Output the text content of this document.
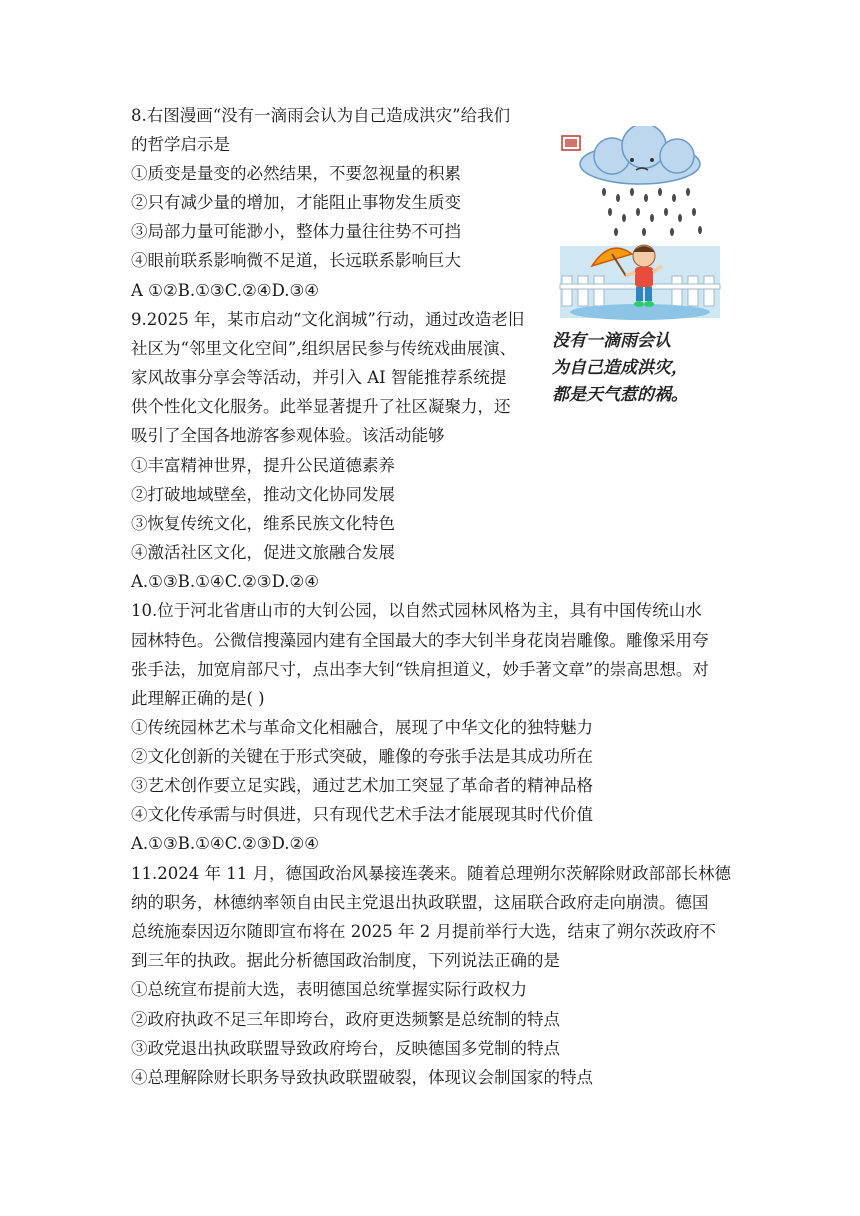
8.右图漫画“没有一滴雨会认为自己造成洪灾”给我们
的哲学启示是
①质变是量变的必然结果，不要忽视量的积累
②只有减少量的增加，才能阻止事物发生质变
③局部力量可能渺小，整体力量往往势不可挡
④眼前联系影响微不足道，长远联系影响巨大
A ①②B.①③C.②④D.③④
没有一滴雨会认
为自己造成洪灾，
都是天气惹的祸。
9.2025 年，某市启动“文化润城”行动，通过改造老旧
社区为“邻里文化空间”,组织居民参与传统戏曲展演、
家风故事分享会等活动，并引入 AI 智能推荐系统提
供个性化文化服务。此举显著提升了社区凝聚力，还
吸引了全国各地游客参观体验。该活动能够
①丰富精神世界，提升公民道德素养
②打破地域壁垒，推动文化协同发展
③恢复传统文化，维系民族文化特色
④激活社区文化，促进文旅融合发展
A.①③B.①④C.②③D.②④
10.位于河北省唐山市的大钊公园，以自然式园林风格为主，具有中国传统山水
园林特色。公微信搜藻园内建有全国最大的李大钊半身花岗岩雕像。雕像采用夸
张手法，加宽肩部尺寸，点出李大钊“铁肩担道义，妙手著文章”的崇高思想。对
此理解正确的是( )
①传统园林艺术与革命文化相融合，展现了中华文化的独特魅力
②文化创新的关键在于形式突破，雕像的夸张手法是其成功所在
③艺术创作要立足实践，通过艺术加工突显了革命者的精神品格
④文化传承需与时俱进，只有现代艺术手法才能展现其时代价值
A.①③B.①④C.②③D.②④
11.2024 年 11 月，德国政治风暴接连袭来。随着总理朔尔茨解除财政部部长林德
纳的职务，林德纳率领自由民主党退出执政联盟，这届联合政府走向崩溃。德国
总统施泰因迈尔随即宣布将在 2025 年 2 月提前举行大选，结束了朔尔茨政府不
到三年的执政。据此分析德国政治制度，下列说法正确的是
①总统宣布提前大选，表明德国总统掌握实际行政权力
②政府执政不足三年即垮台，政府更迭频繁是总统制的特点
③政党退出执政联盟导致政府垮台，反映德国多党制的特点
④总理解除财长职务导致执政联盟破裂，体现议会制国家的特点
